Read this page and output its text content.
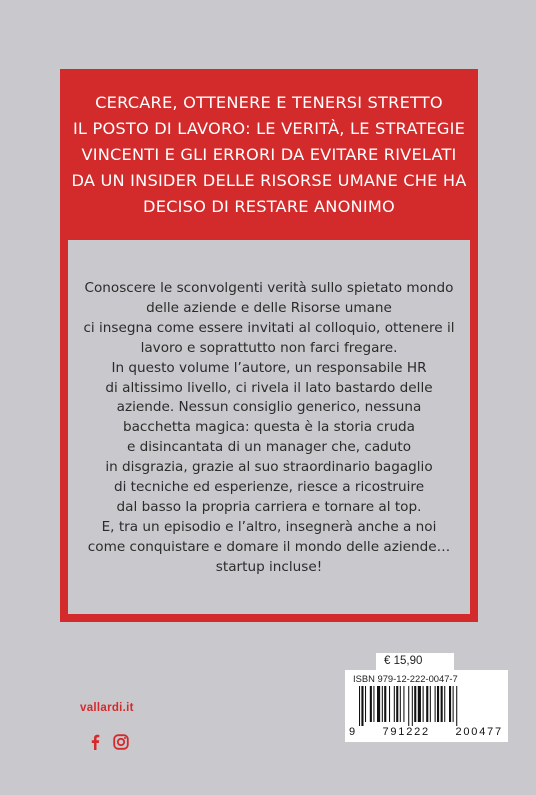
CERCARE, OTTENERE E TENERSI STRETTO
IL POSTO DI LAVORO: LE VERITÀ, LE STRATEGIE
VINCENTI E GLI ERRORI DA EVITARE RIVELATI
DA UN INSIDER DELLE RISORSE UMANE CHE HA
DECISO DI RESTARE ANONIMO
Conoscere le sconvolgenti verità sullo spietato mondo
delle aziende e delle Risorse umane
ci insegna come essere invitati al colloquio, ottenere il
lavoro e soprattutto non farci fregare.
In questo volume l’autore, un responsabile HR
di altissimo livello, ci rivela il lato bastardo delle
aziende. Nessun consiglio generico, nessuna
bacchetta magica: questa è la storia cruda
e disincantata di un manager che, caduto
in disgrazia, grazie al suo straordinario bagaglio
di tecniche ed esperienze, riesce a ricostruire
dal basso la propria carriera e tornare al top.
E, tra un episodio e l’altro, insegnerà anche a noi
come conquistare e domare il mondo delle aziende…
startup incluse!
€ 15,90
ISBN 979-12-222-0047-7
9 791222 200477
vallardi.it
